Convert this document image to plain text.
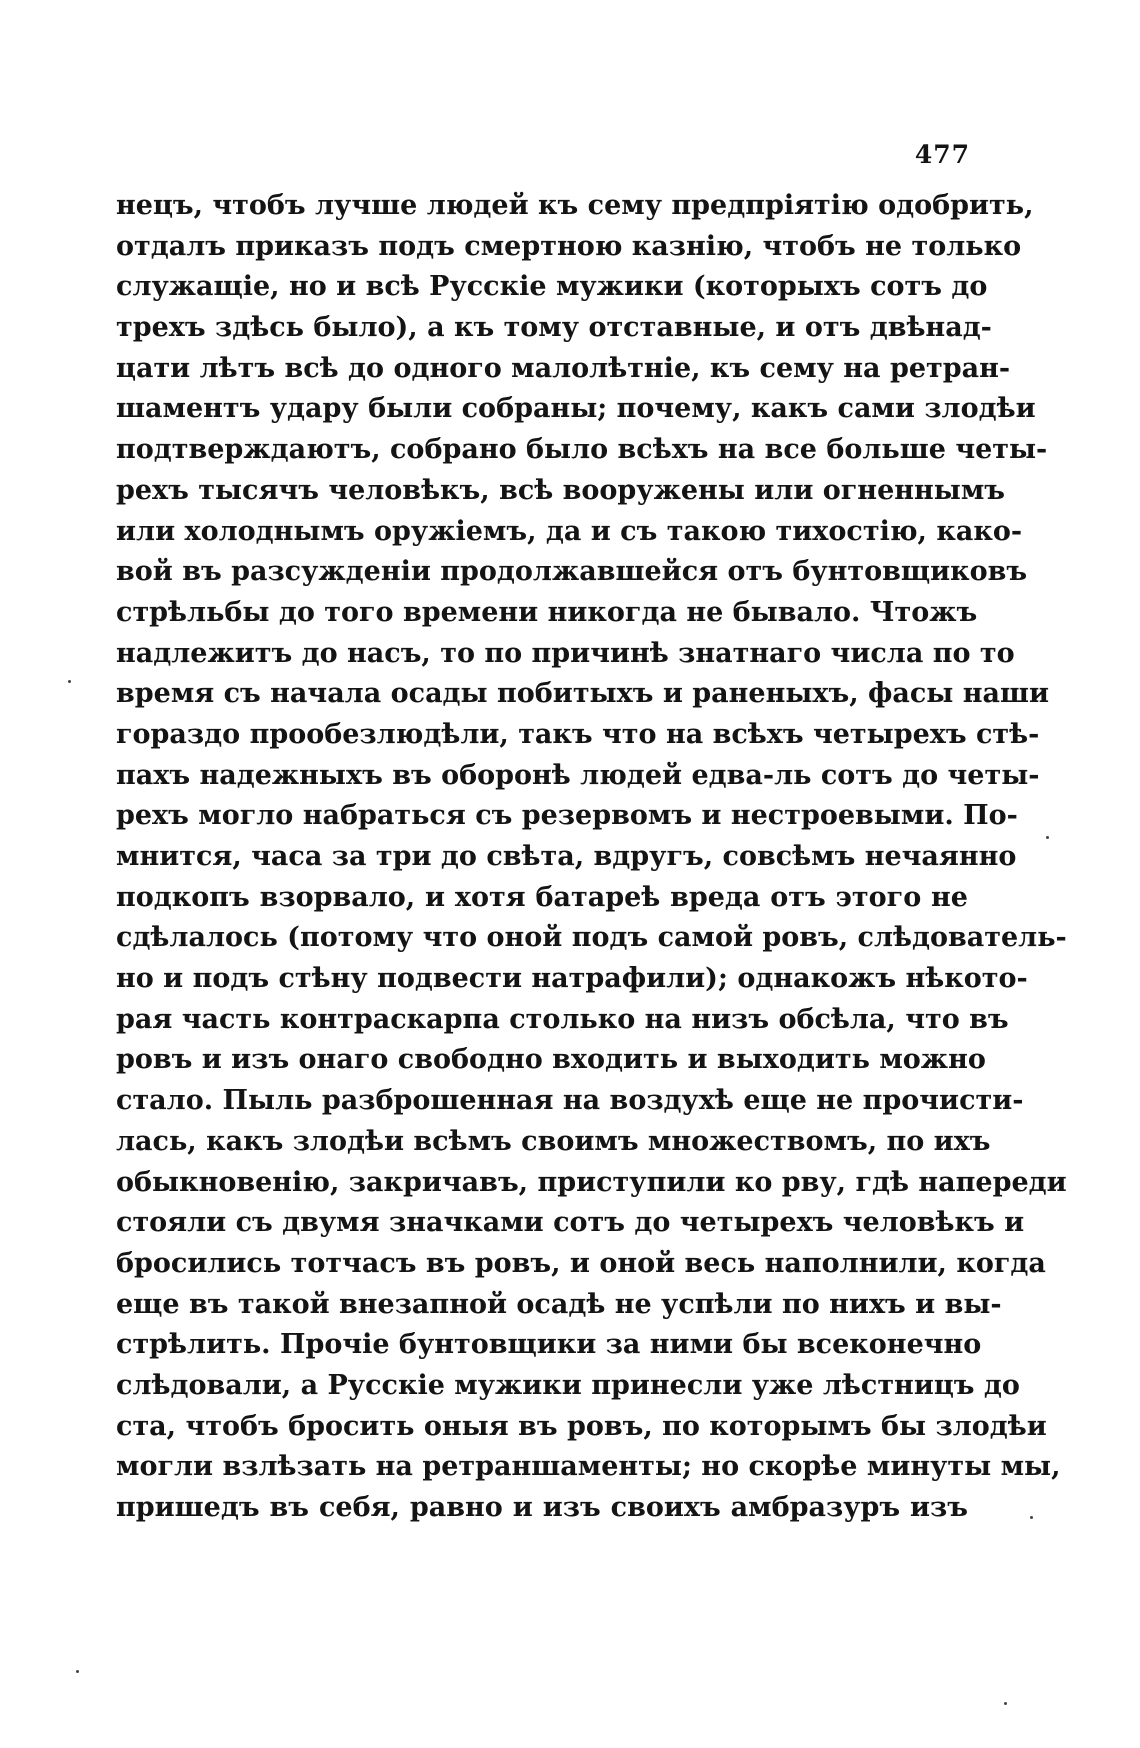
477
нецъ, чтобъ лучше людей къ сему предпріятію одобрить,
отдалъ приказъ подъ смертною казнію, чтобъ не только
служащіе, но и всѣ Русскіе мужики (которыхъ сотъ до
трехъ здѣсь было), а къ тому отставные, и отъ двѣнад-
цати лѣтъ всѣ до одного малолѣтніе, къ сему на ретран-
шаментъ удару были собраны; почему, какъ сами злодѣи
подтверждаютъ, собрано было всѣхъ на все больше четы-
рехъ тысячъ человѣкъ, всѣ вооружены или огненнымъ
или холоднымъ оружіемъ, да и съ такою тихостію, како-
вой въ разсужденіи продолжавшейся отъ бунтовщиковъ
стрѣльбы до того времени никогда не бывало. Чтожъ
надлежитъ до насъ, то по причинѣ знатнаго числа по то
время съ начала осады побитыхъ и раненыхъ, фасы наши
гораздо прообезлюдѣли, такъ что на всѣхъ четырехъ стѣ-
пахъ надежныхъ въ оборонѣ людей едва-ль сотъ до четы-
рехъ могло набраться съ резервомъ и нестроевыми. По-
мнится, часа за три до свѣта, вдругъ, совсѣмъ нечаянно
подкопъ взорвало, и хотя батареѣ вреда отъ этого не
сдѣлалось (потому что оной подъ самой ровъ, слѣдователь-
но и подъ стѣну подвести натрафили); однакожъ нѣкото-
рая часть контраскарпа столько на низъ обсѣла, что въ
ровъ и изъ онаго свободно входить и выходить можно
стало. Пыль разброшенная на воздухѣ еще не прочисти-
лась, какъ злодѣи всѣмъ своимъ множествомъ, по ихъ
обыкновенію, закричавъ, приступили ко рву, гдѣ напереди
стояли съ двумя значками сотъ до четырехъ человѣкъ и
бросились тотчасъ въ ровъ, и оной весь наполнили, когда
еще въ такой внезапной осадѣ не успѣли по нихъ и вы-
стрѣлить. Прочіе бунтовщики за ними бы всеконечно
слѣдовали, а Русскіе мужики принесли уже лѣстницъ до
ста, чтобъ бросить оныя въ ровъ, по которымъ бы злодѣи
могли взлѣзать на ретраншаменты; но скорѣе минуты мы,
пришедъ въ себя, равно и изъ своихъ амбразуръ изъ
